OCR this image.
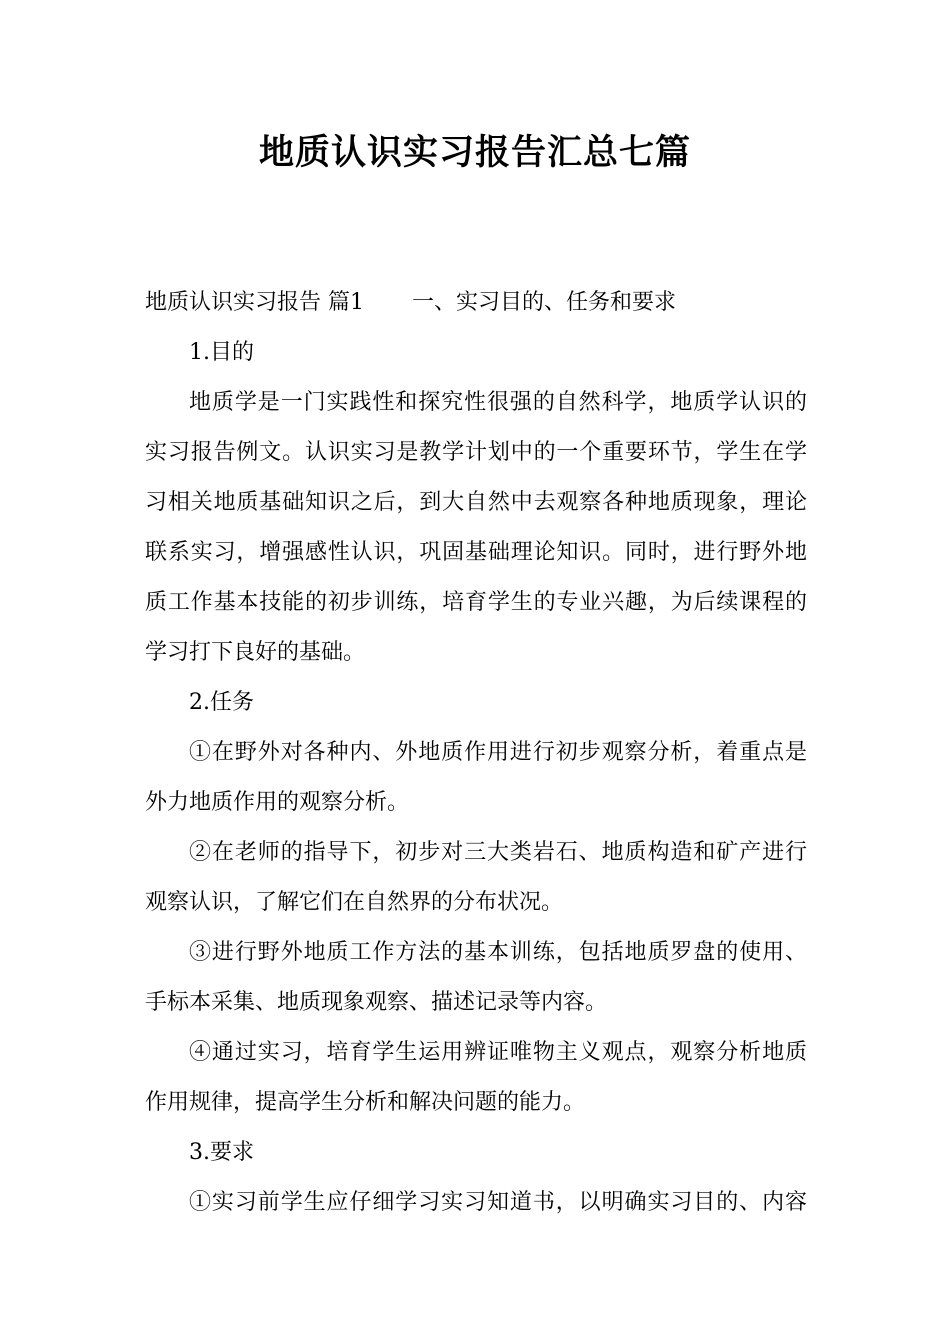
地质认识实习报告汇总七篇

地质认识实习报告 篇1 一、实习目的、任务和要求

1.目的

地质学是一门实践性和探究性很强的自然科学，地质学认识的

实习报告例文。认识实习是教学计划中的一个重要环节，学生在学

习相关地质基础知识之后，到大自然中去观察各种地质现象，理论

联系实习，增强感性认识，巩固基础理论知识。同时，进行野外地

质工作基本技能的初步训练，培育学生的专业兴趣，为后续课程的

学习打下良好的基础。

2.任务

①在野外对各种内、外地质作用进行初步观察分析，着重点是

外力地质作用的观察分析。

②在老师的指导下，初步对三大类岩石、地质构造和矿产进行

观察认识，了解它们在自然界的分布状况。

③进行野外地质工作方法的基本训练，包括地质罗盘的使用、

手标本采集、地质现象观察、描述记录等内容。

④通过实习，培育学生运用辨证唯物主义观点，观察分析地质

作用规律，提高学生分析和解决问题的能力。

3.要求

①实习前学生应仔细学习实习知道书，以明确实习目的、内容
